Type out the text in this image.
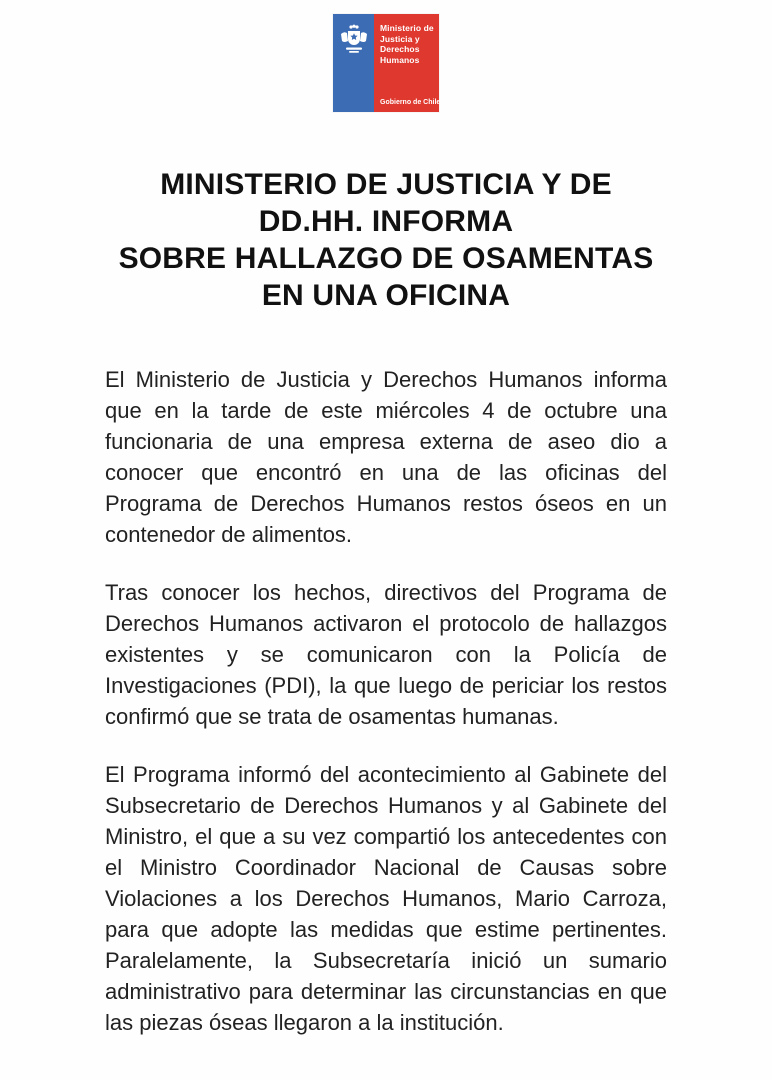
Ministerio de
Justicia y
Derechos
Humanos
Gobierno de Chile
MINISTERIO DE JUSTICIA Y DE
DD.HH. INFORMA
SOBRE HALLAZGO DE OSAMENTAS
EN UNA OFICINA

El Ministerio de Justicia y Derechos Humanos informa que en la tarde de este miércoles 4 de octubre una funcionaria de una empresa externa de aseo dio a conocer que encontró en una de las oficinas del Programa de Derechos Humanos restos óseos en un contenedor de alimentos.

Tras conocer los hechos, directivos del Programa de Derechos Humanos activaron el protocolo de hallazgos existentes y se comunicaron con la Policía de Investigaciones (PDI), la que luego de periciar los restos confirmó que se trata de osamentas humanas.

El Programa informó del acontecimiento al Gabinete del Subsecretario de Derechos Humanos y al Gabinete del Ministro, el que a su vez compartió los antecedentes con el Ministro Coordinador Nacional de Causas sobre Violaciones a los Derechos Humanos, Mario Carroza, para que adopte las medidas que estime pertinentes. Paralelamente, la Subsecretaría inició un sumario administrativo para determinar las circunstancias en que las piezas óseas llegaron a la institución.
